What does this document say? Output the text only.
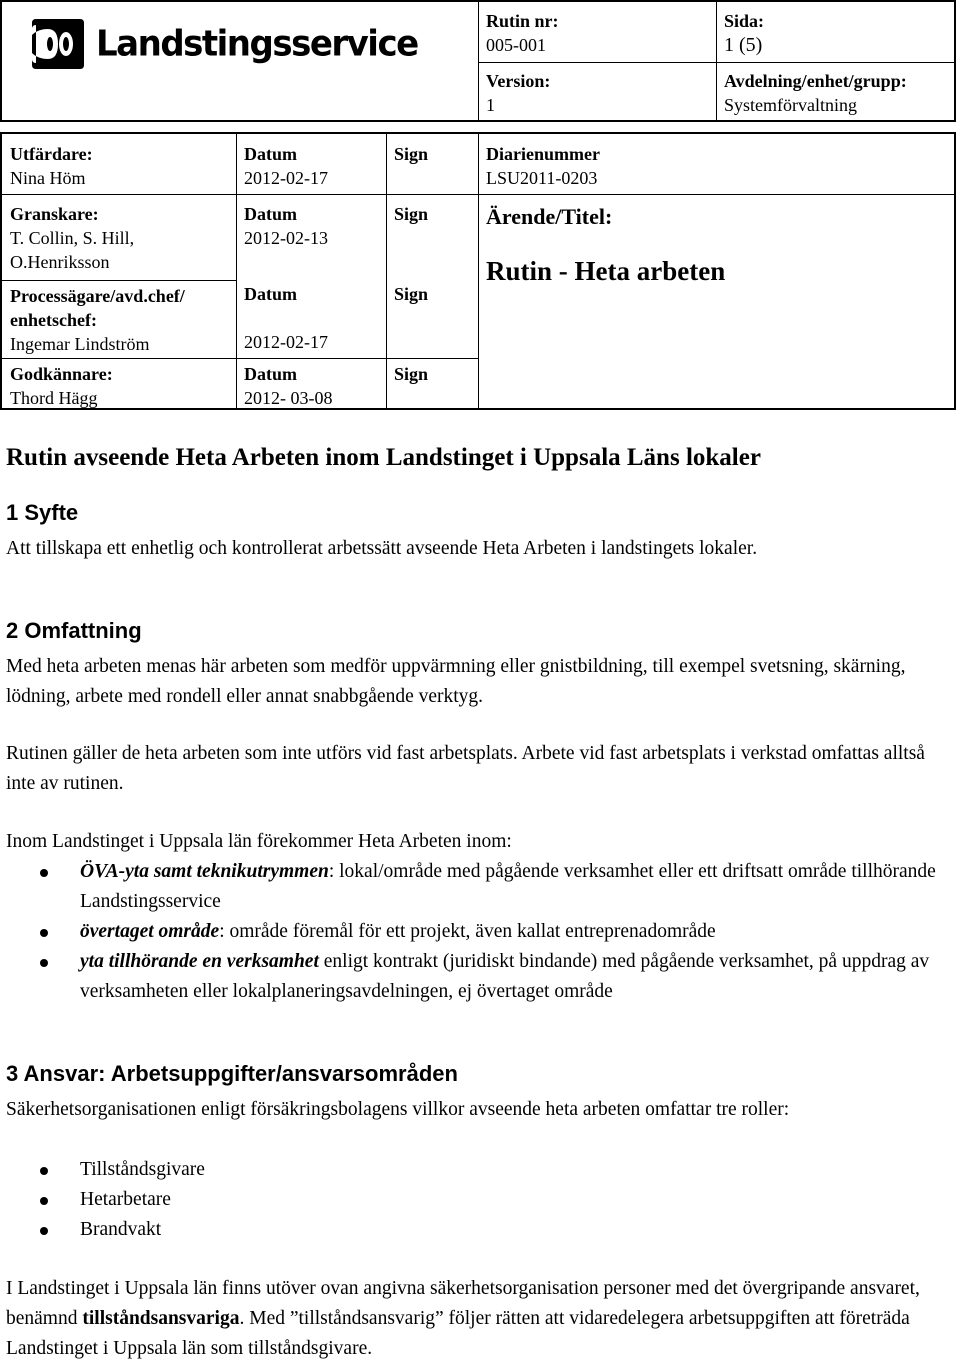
Landstingsservice
Rutin nr:
005-001
Sida:
1 (5)
Version:
1
Avdelning/enhet/grupp:
Systemförvaltning
Utfärdare:
Nina Höm
Datum
2012-02-17
Sign	Diarienummer
LSU2011-0203
Granskare:
T. Collin, S. Hill,
O.Henriksson
Datum
2012-02-13
Sign	Ärende/Titel:
Rutin - Heta arbeten
Processägare/avd.chef/
enhetschef:
Ingemar Lindström
Datum
2012-02-17
Sign
Godkännare:
Thord Hägg
Datum
2012- 03-08
Sign
Rutin avseende Heta Arbeten inom Landstinget i Uppsala Läns lokaler
1 Syfte
Att tillskapa ett enhetlig och kontrollerat arbetssätt avseende Heta Arbeten i landstingets lokaler.
2 Omfattning
Med heta arbeten menas här arbeten som medför uppvärmning eller gnistbildning, till exempel svetsning, skärning, lödning, arbete med rondell eller annat snabbgående verktyg.
Rutinen gäller de heta arbeten som inte utförs vid fast arbetsplats. Arbete vid fast arbetsplats i verkstad omfattas alltså inte av rutinen.
Inom Landstinget i Uppsala län förekommer Heta Arbeten inom:
ÖVA-yta samt teknikutrymmen: lokal/område med pågående verksamhet eller ett driftsatt område tillhörande Landstingsservice
övertaget område: område föremål för ett projekt, även kallat entreprenadområde
yta tillhörande en verksamhet enligt kontrakt (juridiskt bindande) med pågående verksamhet, på uppdrag av verksamheten eller lokalplaneringsavdelningen, ej övertaget område
3 Ansvar: Arbetsuppgifter/ansvarsområden
Säkerhetsorganisationen enligt försäkringsbolagens villkor avseende heta arbeten omfattar tre roller:
Tillståndsgivare
Hetarbetare
Brandvakt
I Landstinget i Uppsala län finns utöver ovan angivna säkerhetsorganisation personer med det övergripande ansvaret, benämnd tillståndsansvariga. Med ”tillståndsansvarig” följer rätten att vidaredelegera arbetsuppgiften att företräda Landstinget i Uppsala län som tillståndsgivare.
